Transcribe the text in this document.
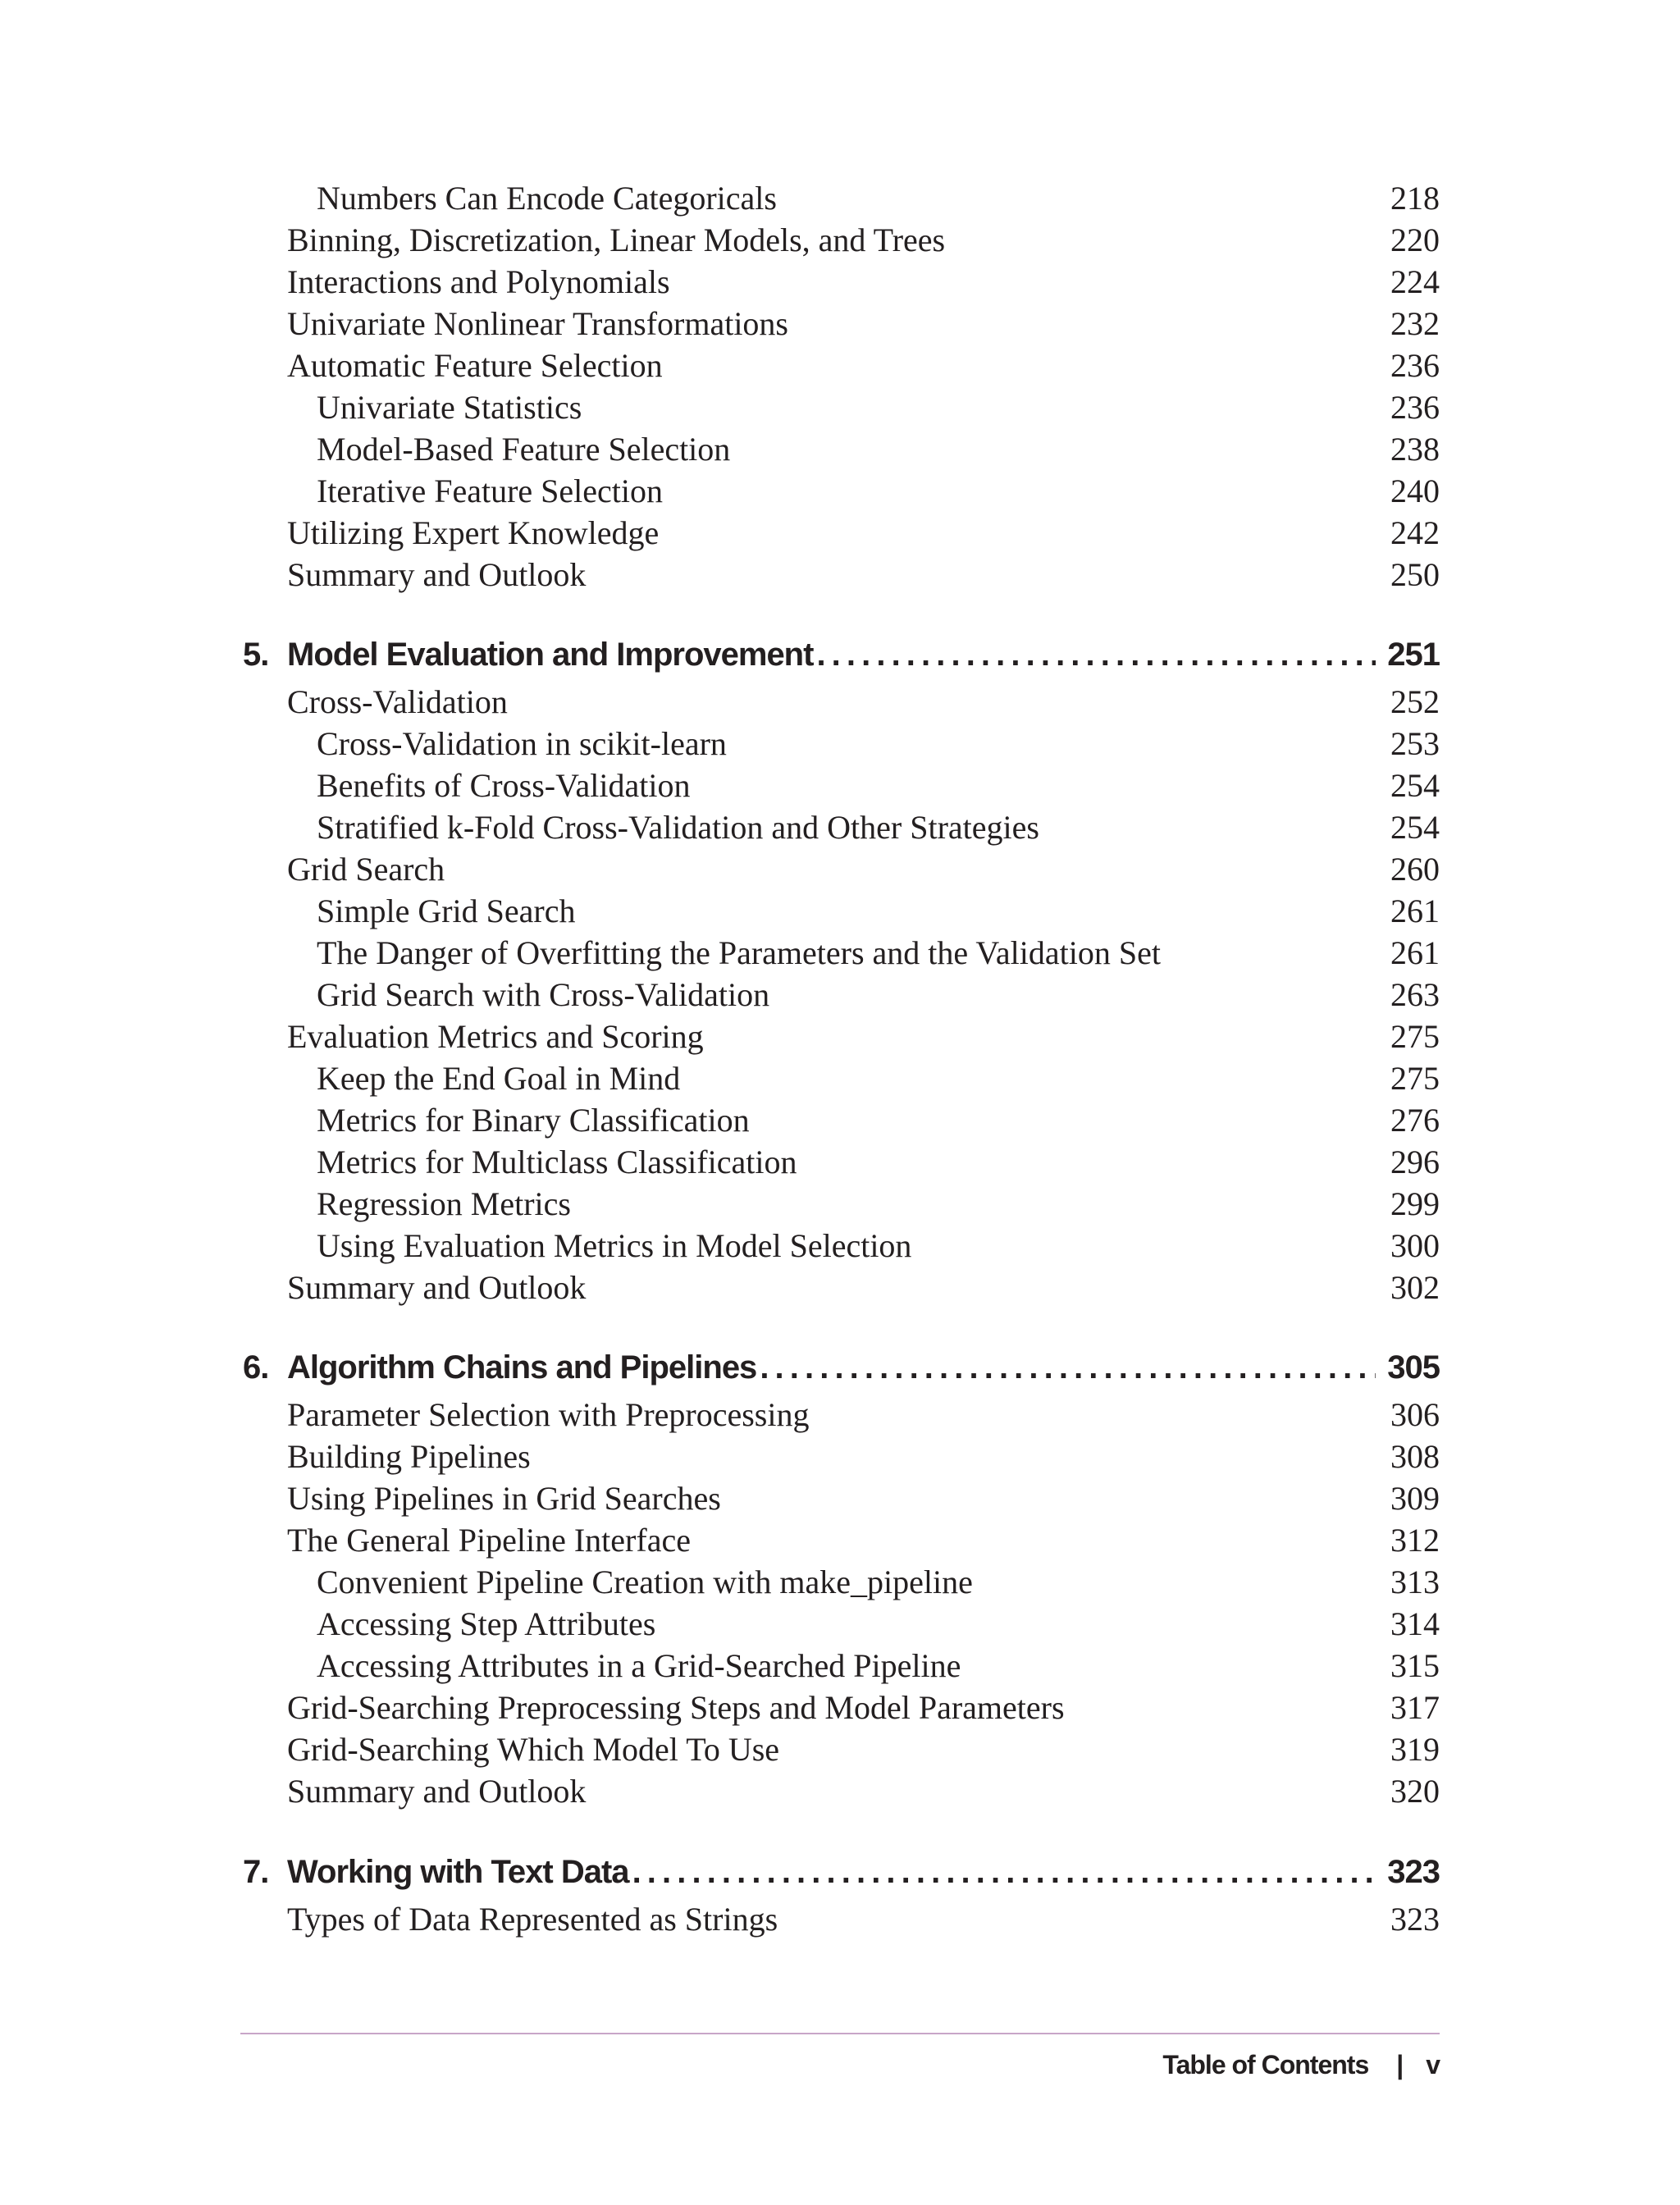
Numbers Can Encode Categoricals	218
Binning, Discretization, Linear Models, and Trees	220
Interactions and Polynomials	224
Univariate Nonlinear Transformations	232
Automatic Feature Selection	236
Univariate Statistics	236
Model-Based Feature Selection	238
Iterative Feature Selection	240
Utilizing Expert Knowledge	242
Summary and Outlook	250
5. Model Evaluation and Improvement . . .	251
Cross-Validation	252
Cross-Validation in scikit-learn	253
Benefits of Cross-Validation	254
Stratified k-Fold Cross-Validation and Other Strategies	254
Grid Search	260
Simple Grid Search	261
The Danger of Overfitting the Parameters and the Validation Set	261
Grid Search with Cross-Validation	263
Evaluation Metrics and Scoring	275
Keep the End Goal in Mind	275
Metrics for Binary Classification	276
Metrics for Multiclass Classification	296
Regression Metrics	299
Using Evaluation Metrics in Model Selection	300
Summary and Outlook	302
6. Algorithm Chains and Pipelines . . .	305
Parameter Selection with Preprocessing	306
Building Pipelines	308
Using Pipelines in Grid Searches	309
The General Pipeline Interface	312
Convenient Pipeline Creation with make_pipeline	313
Accessing Step Attributes	314
Accessing Attributes in a Grid-Searched Pipeline	315
Grid-Searching Preprocessing Steps and Model Parameters	317
Grid-Searching Which Model To Use	319
Summary and Outlook	320
7. Working with Text Data . . .	323
Types of Data Represented as Strings	323
Table of Contents | v
